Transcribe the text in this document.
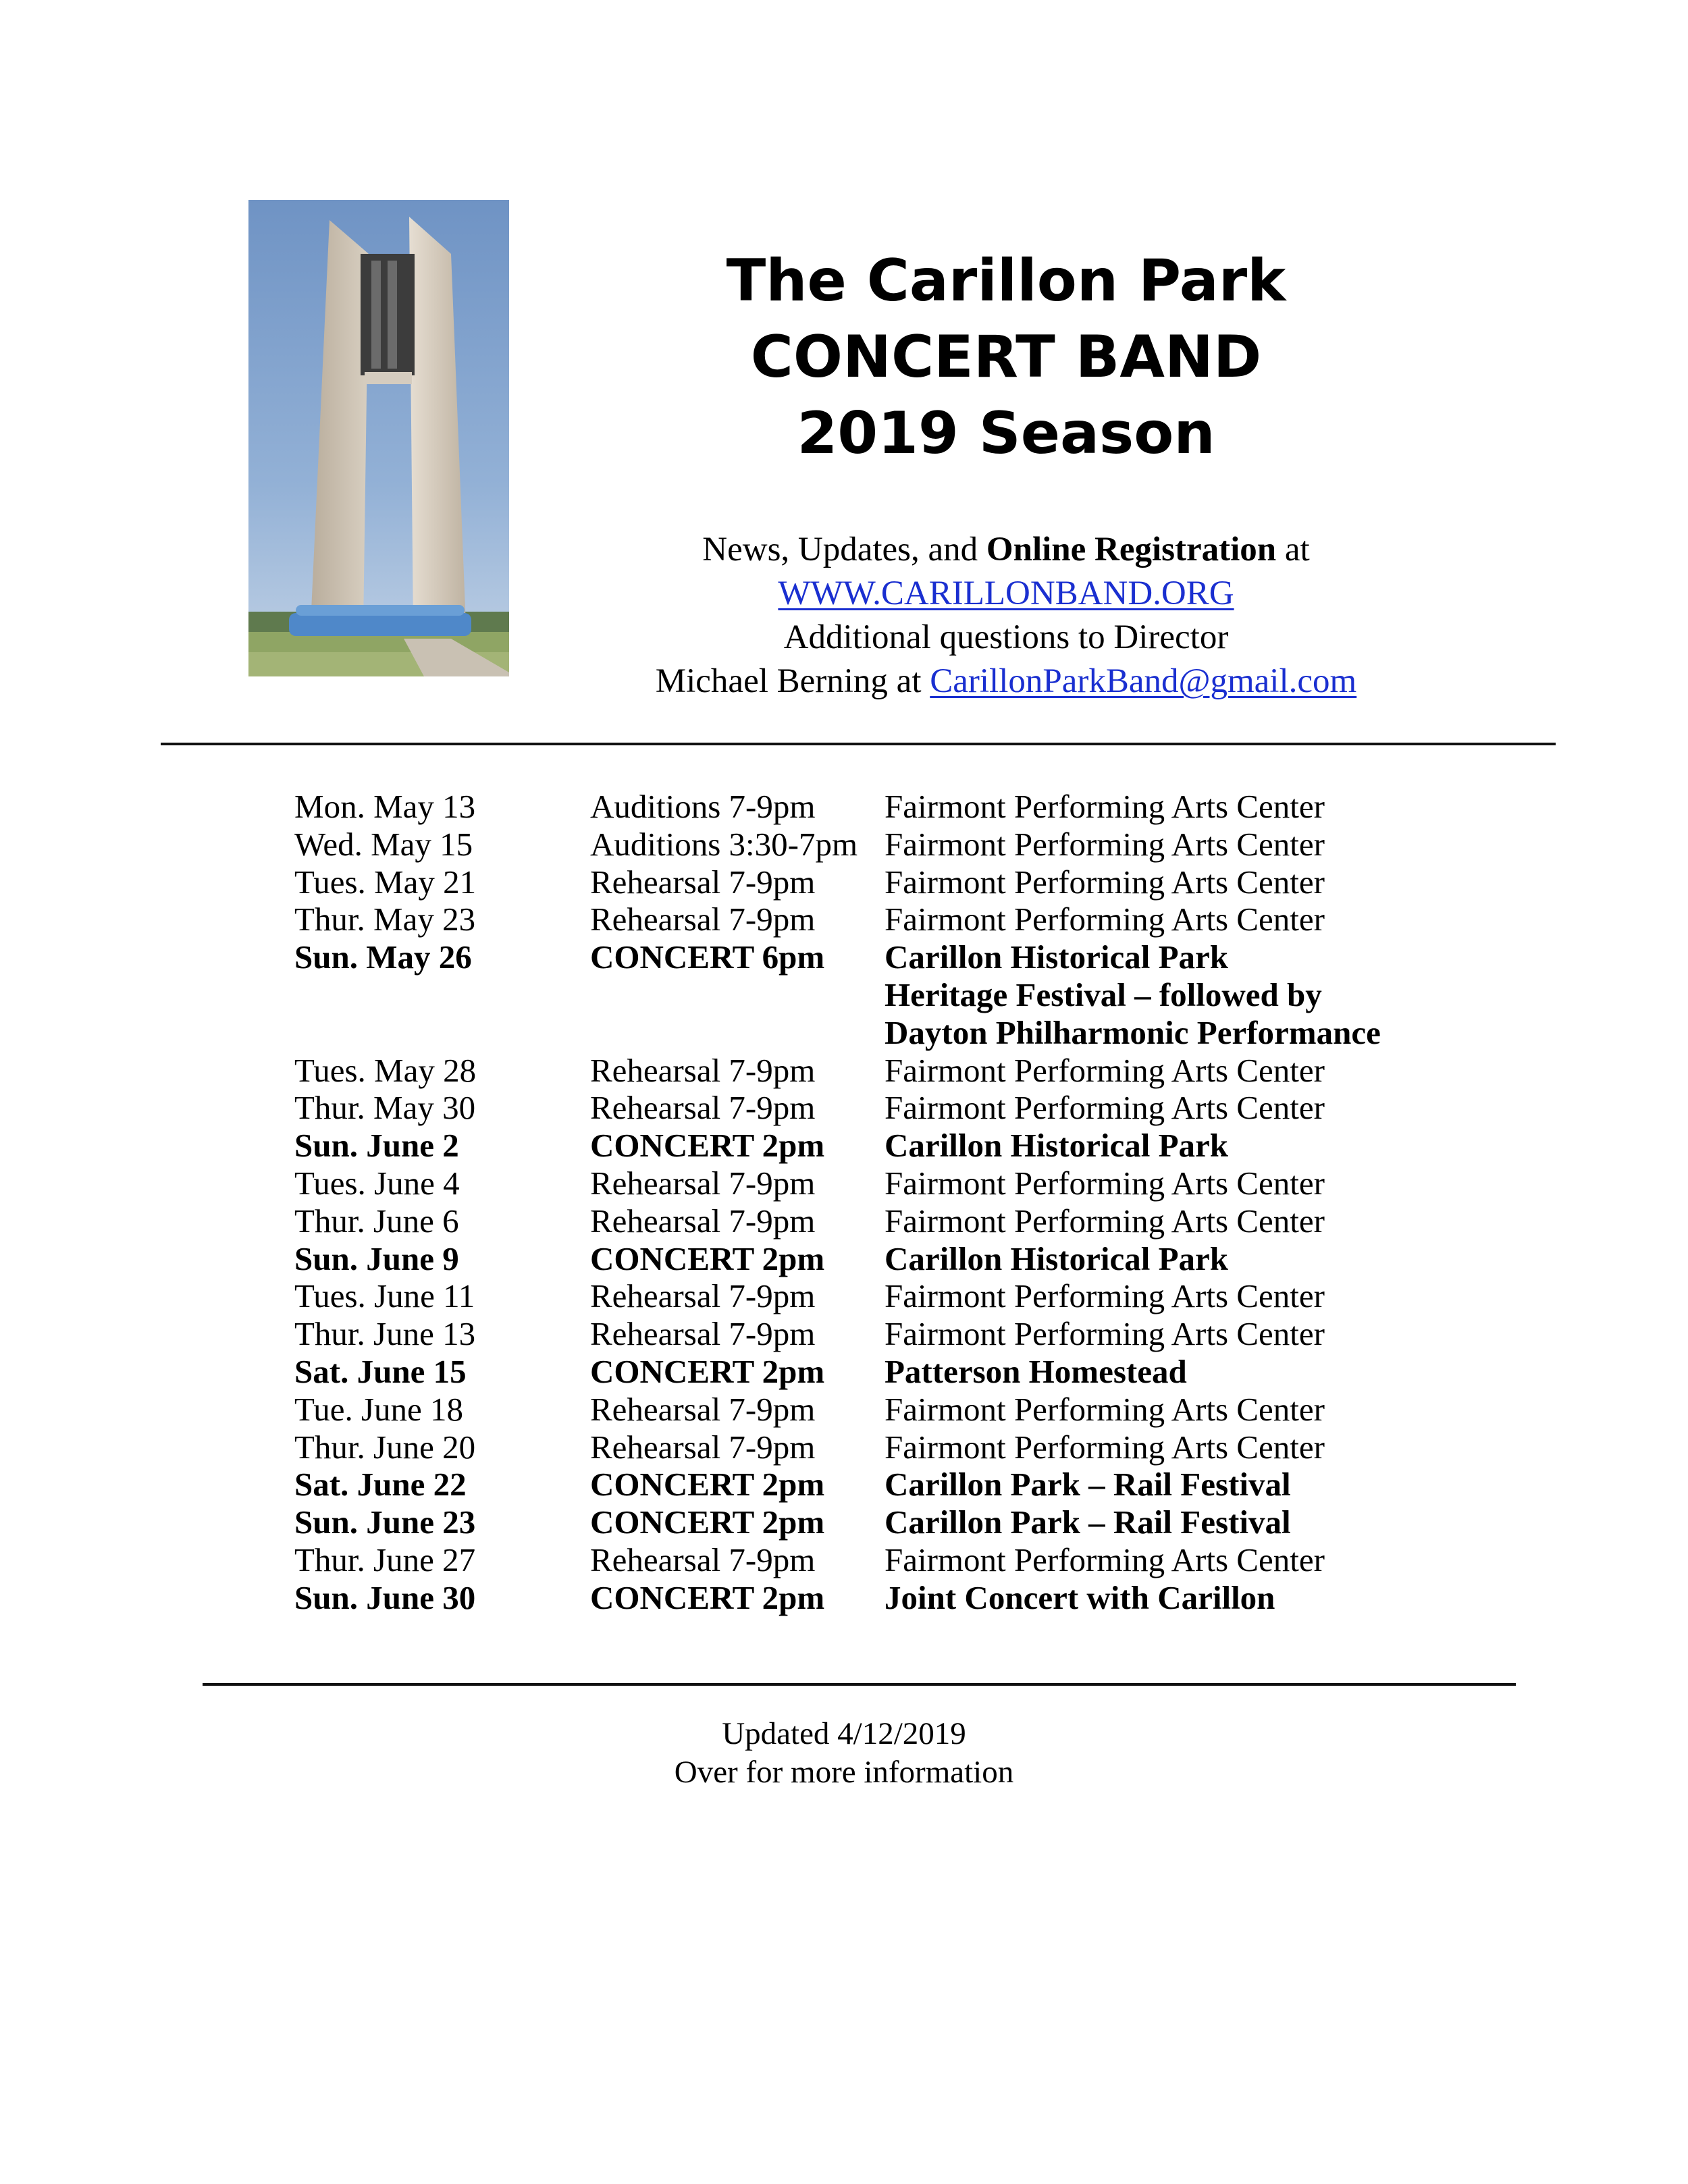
The Carillon Park
CONCERT BAND
2019 Season
News, Updates, and Online Registration at
WWW.CARILLONBAND.ORG
Additional questions to Director
Michael Berning at CarillonParkBand@gmail.com
Mon. May 13	Auditions 7-9pm Fairmont Performing Arts Center
Wed. May 15	Auditions 3:30-7pm Fairmont Performing Arts Center
Tues. May 21	Rehearsal 7-9pm Fairmont Performing Arts Center
Thur. May 23	Rehearsal 7-9pm Fairmont Performing Arts Center
Sun. May 26	CONCERT 6pm Carillon Historical Park
Heritage Festival – followed by
Dayton Philharmonic Performance
Tues. May 28	Rehearsal 7-9pm Fairmont Performing Arts Center
Thur. May 30	Rehearsal 7-9pm Fairmont Performing Arts Center
Sun. June 2	CONCERT 2pm Carillon Historical Park
Tues. June 4	Rehearsal 7-9pm Fairmont Performing Arts Center
Thur. June 6	Rehearsal 7-9pm Fairmont Performing Arts Center
Sun. June 9	CONCERT 2pm Carillon Historical Park
Tues. June 11	Rehearsal 7-9pm Fairmont Performing Arts Center
Thur. June 13	Rehearsal 7-9pm Fairmont Performing Arts Center
Sat. June 15	CONCERT 2pm Patterson Homestead
Tue. June 18	Rehearsal 7-9pm Fairmont Performing Arts Center
Thur. June 20	Rehearsal 7-9pm Fairmont Performing Arts Center
Sat. June 22	CONCERT 2pm Carillon Park – Rail Festival
Sun. June 23	CONCERT 2pm Carillon Park – Rail Festival
Thur. June 27	Rehearsal 7-9pm Fairmont Performing Arts Center
Sun. June 30	CONCERT 2pm Joint Concert with Carillon
Updated 4/12/2019
Over for more information
